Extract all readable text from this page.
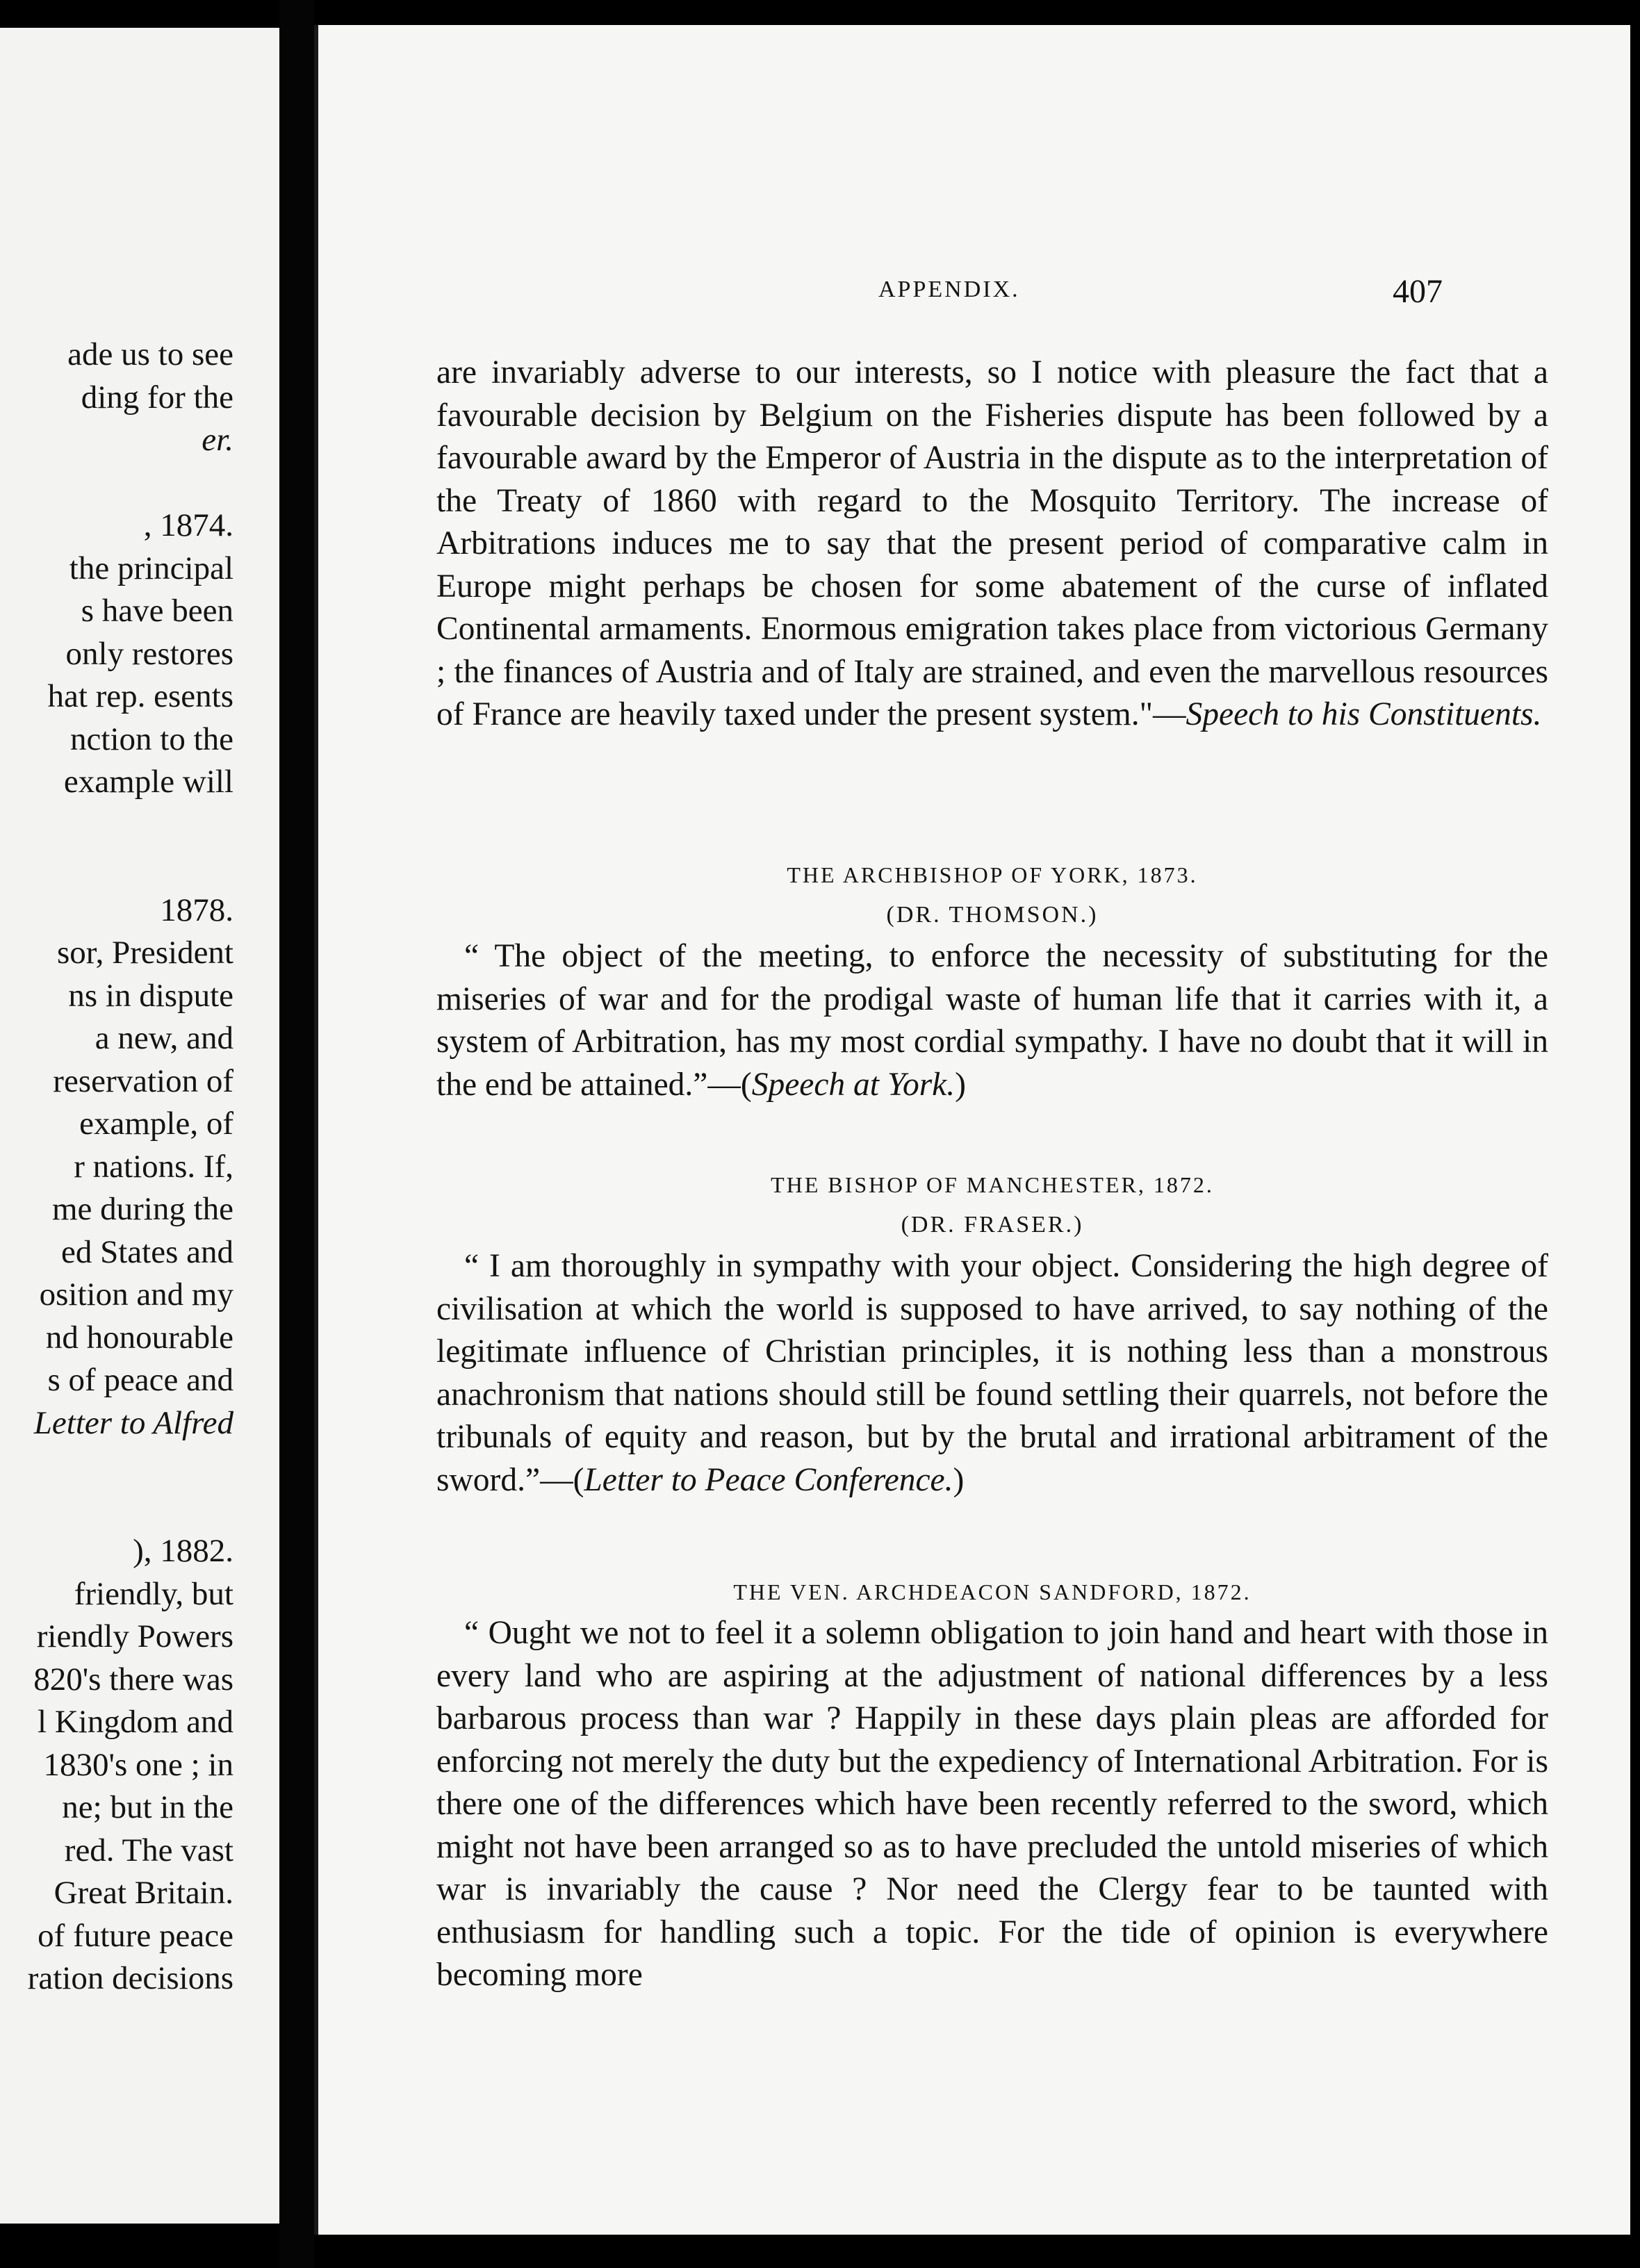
ade us to see
ding for the
er.
, 1874.
the principal
s have been
only restores
hat rep. esents
nction to the
example will
1878.
sor, President
ns in dispute
a new, and
reservation of
example, of
r nations. If,
me during the
ed States and
osition and my
nd honourable
s of peace and
Letter to Alfred
), 1882.
friendly, but
riendly Powers
820's there was
l Kingdom and
1830's one ; in
ne; but in the
red. The vast
Great Britain.
of future peace
ration decisions
APPENDIX.	407

are invariably adverse to our interests, so I notice with pleasure the fact that a favourable decision by Belgium on the Fisheries dispute has been followed by a favourable award by the Emperor of Austria in the dispute as to the interpretation of the Treaty of 1860 with regard to the Mosquito Territory. The increase of Arbitrations induces me to say that the present period of comparative calm in Europe might perhaps be chosen for some abatement of the curse of inflated Continental armaments. Enormous emigration takes place from victorious Germany ; the finances of Austria and of Italy are strained, and even the marvellous resources of France are heavily taxed under the present system."—Speech to his Constituents.

THE ARCHBISHOP OF YORK, 1873.

(DR. THOMSON.)

“ The object of the meeting, to enforce the necessity of substituting for the miseries of war and for the prodigal waste of human life that it carries with it, a system of Arbitration, has my most cordial sympathy. I have no doubt that it will in the end be attained.”—(Speech at York.)

THE BISHOP OF MANCHESTER, 1872.

(DR. FRASER.)

“ I am thoroughly in sympathy with your object. Considering the high degree of civilisation at which the world is supposed to have arrived, to say nothing of the legitimate influence of Christian principles, it is nothing less than a monstrous anachronism that nations should still be found settling their quarrels, not before the tribunals of equity and reason, but by the brutal and irrational arbitrament of the sword.”—(Letter to Peace Conference.)

THE VEN. ARCHDEACON SANDFORD, 1872.

“ Ought we not to feel it a solemn obligation to join hand and heart with those in every land who are aspiring at the adjustment of national differences by a less barbarous process than war ? Happily in these days plain pleas are afforded for enforcing not merely the duty but the expediency of International Arbitration. For is there one of the differences which have been recently referred to the sword, which might not have been arranged so as to have precluded the untold miseries of which war is invariably the cause ? Nor need the Clergy fear to be taunted with enthusiasm for handling such a topic. For the tide of opinion is everywhere becoming more
